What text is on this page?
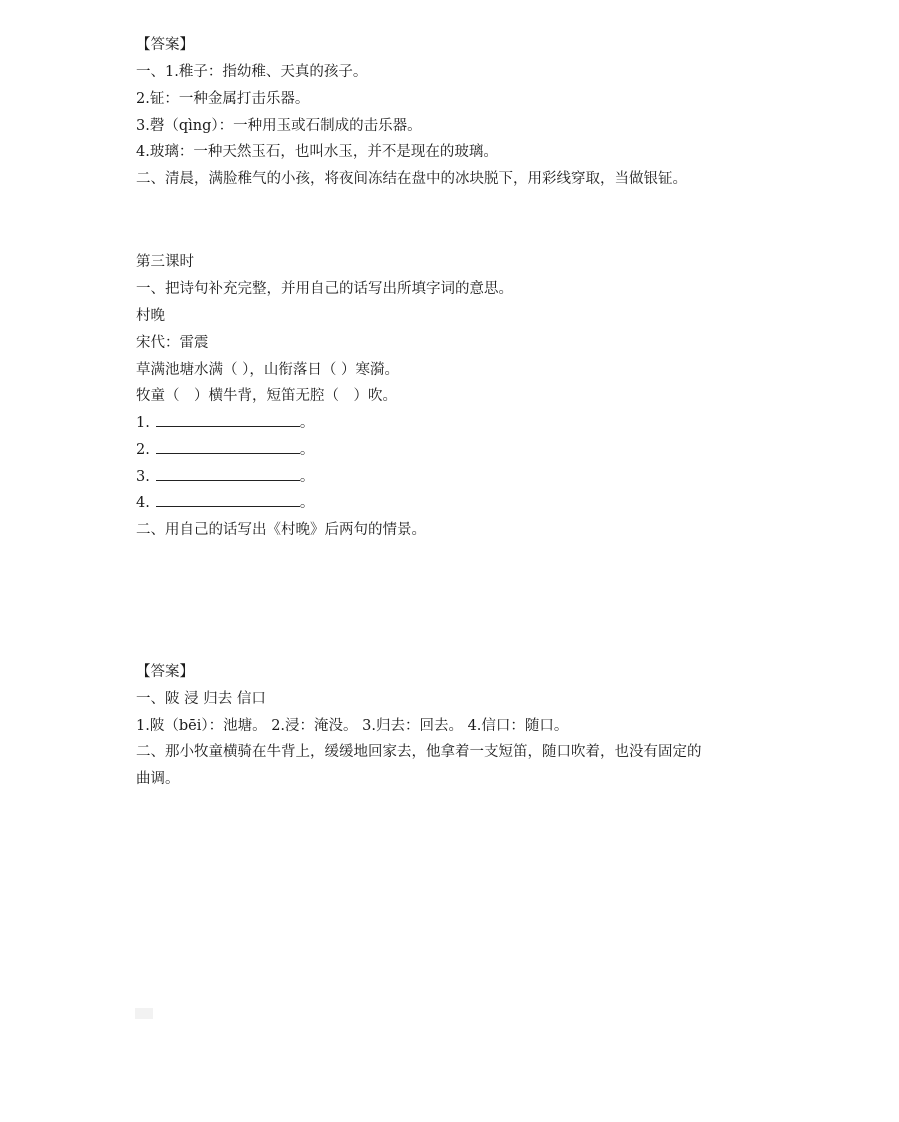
【答案】
一、1.稚子：指幼稚、天真的孩子。
2.钲：一种金属打击乐器。
3.磬（qìng）：一种用玉或石制成的击乐器。
4.玻璃：一种天然玉石，也叫水玉，并不是现在的玻璃。
二、清晨，满脸稚气的小孩，将夜间冻结在盘中的冰块脱下，用彩线穿取，当做银钲。
第三课时
一、把诗句补充完整，并用自己的话写出所填字词的意思。
村晚
宋代：雷震
草满池塘水满（ ），山衔落日（ ）寒漪。
牧童（　）横牛背，短笛无腔（　）吹。
1.	。
2.	。
3.	。
4.	。
二、用自己的话写出《村晚》后两句的情景。
【答案】
一、陂 浸 归去 信口
1.陂（bēi）：池塘。 2.浸：淹没。 3.归去：回去。 4.信口：随口。
二、那小牧童横骑在牛背上，缓缓地回家去，他拿着一支短笛，随口吹着，也没有固定的
曲调。
